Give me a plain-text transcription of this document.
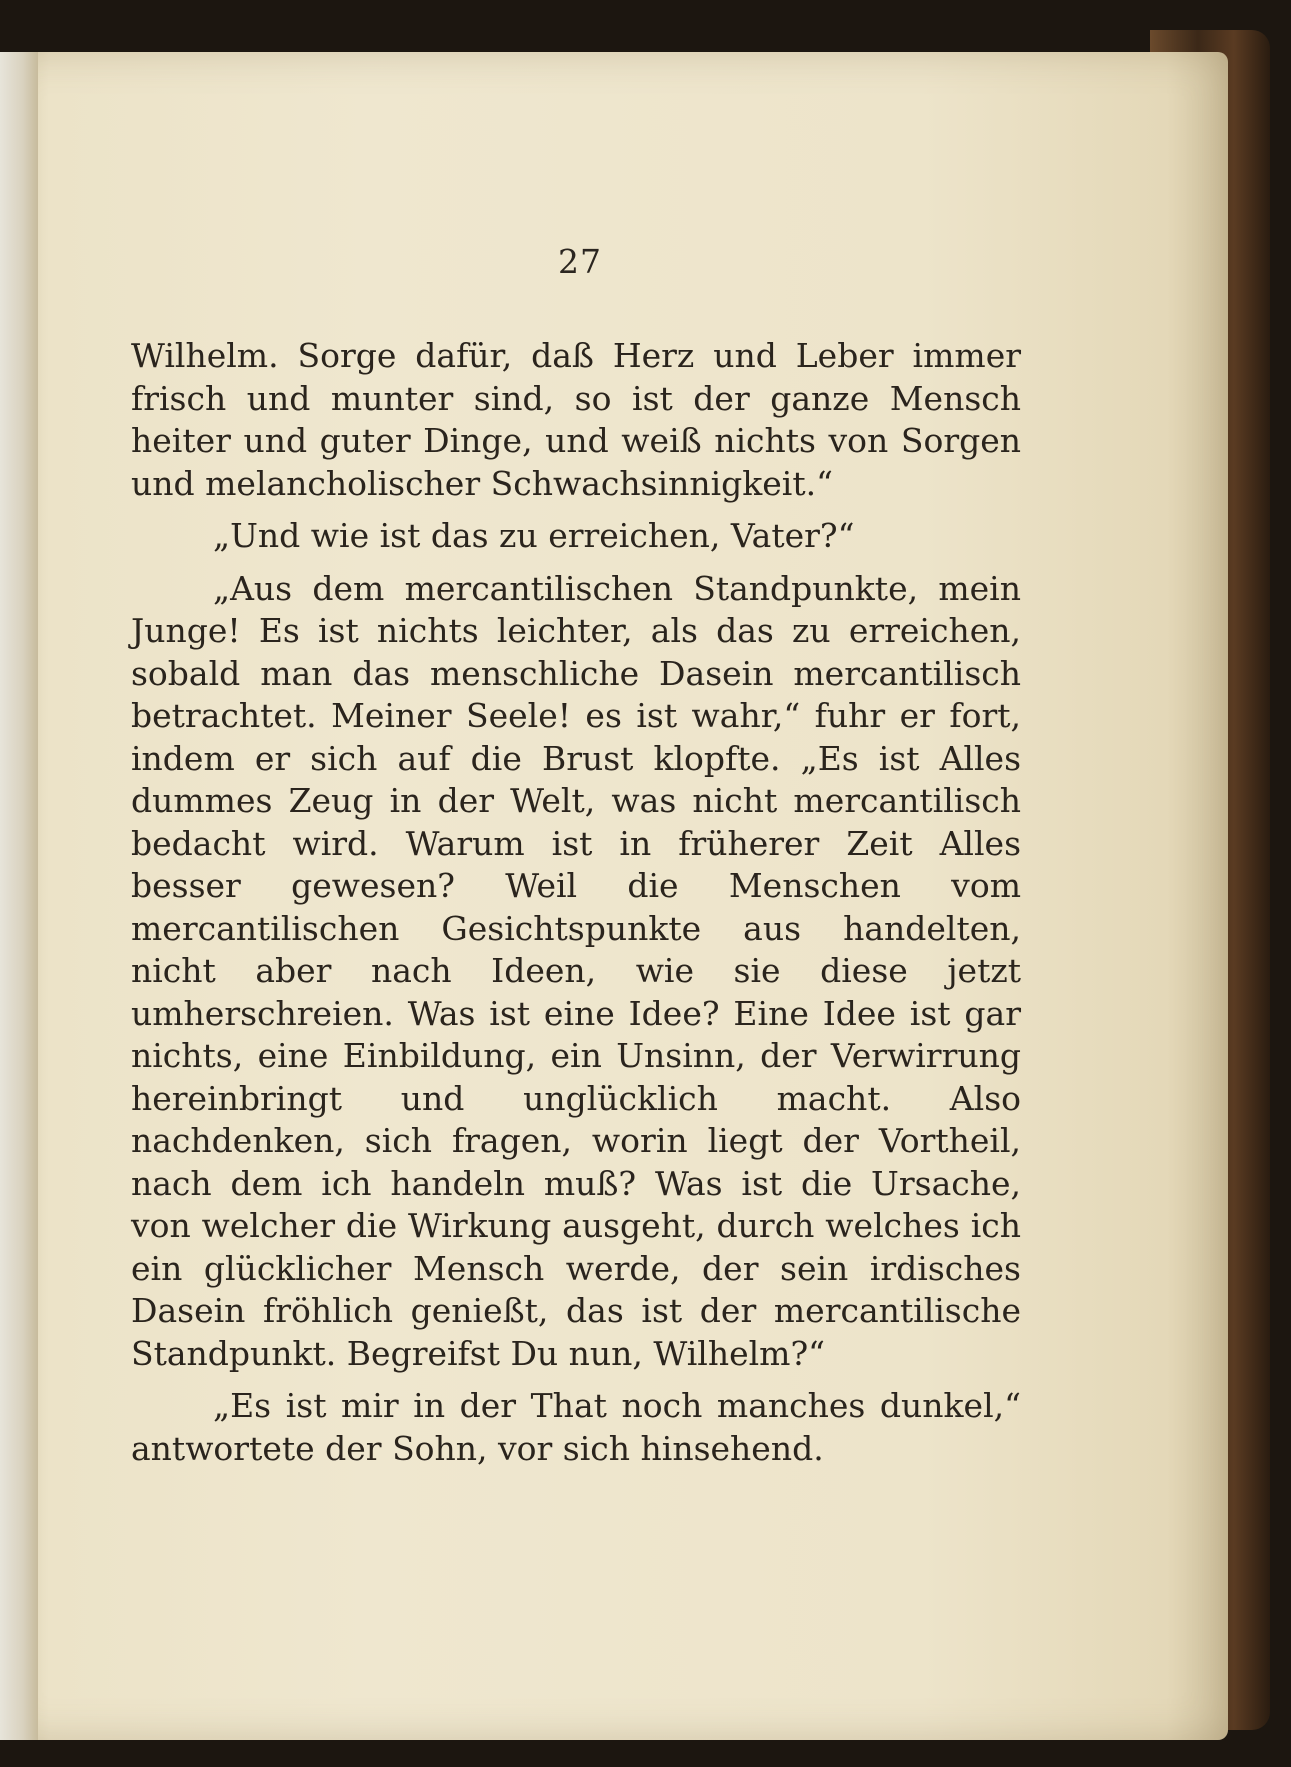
27

Wilhelm. Sorge dafür, daß Herz und Leber immer frisch und munter sind, so ist der ganze Mensch heiter und guter Dinge, und weiß nichts von Sorgen und melancholischer Schwachsinnigkeit.“

„Und wie ist das zu erreichen, Vater?“

„Aus dem mercantilischen Standpunkte, mein Junge! Es ist nichts leichter, als das zu erreichen, sobald man das menschliche Dasein mercantilisch betrachtet. Meiner Seele! es ist wahr,“ fuhr er fort, indem er sich auf die Brust klopfte. „Es ist Alles dummes Zeug in der Welt, was nicht mercantilisch bedacht wird. Warum ist in früherer Zeit Alles besser gewesen? Weil die Menschen vom mercantilischen Gesichtspunkte aus handelten, nicht aber nach Ideen, wie sie diese jetzt umherschreien. Was ist eine Idee? Eine Idee ist gar nichts, eine Einbildung, ein Unsinn, der Verwirrung hereinbringt und unglücklich macht. Also nachdenken, sich fragen, worin liegt der Vortheil, nach dem ich handeln muß? Was ist die Ursache, von welcher die Wirkung ausgeht, durch welches ich ein glücklicher Mensch werde, der sein irdisches Dasein fröhlich genießt, das ist der mercantilische Standpunkt. Begreifst Du nun, Wilhelm?“

„Es ist mir in der That noch manches dunkel,“ antwortete der Sohn, vor sich hinsehend.
